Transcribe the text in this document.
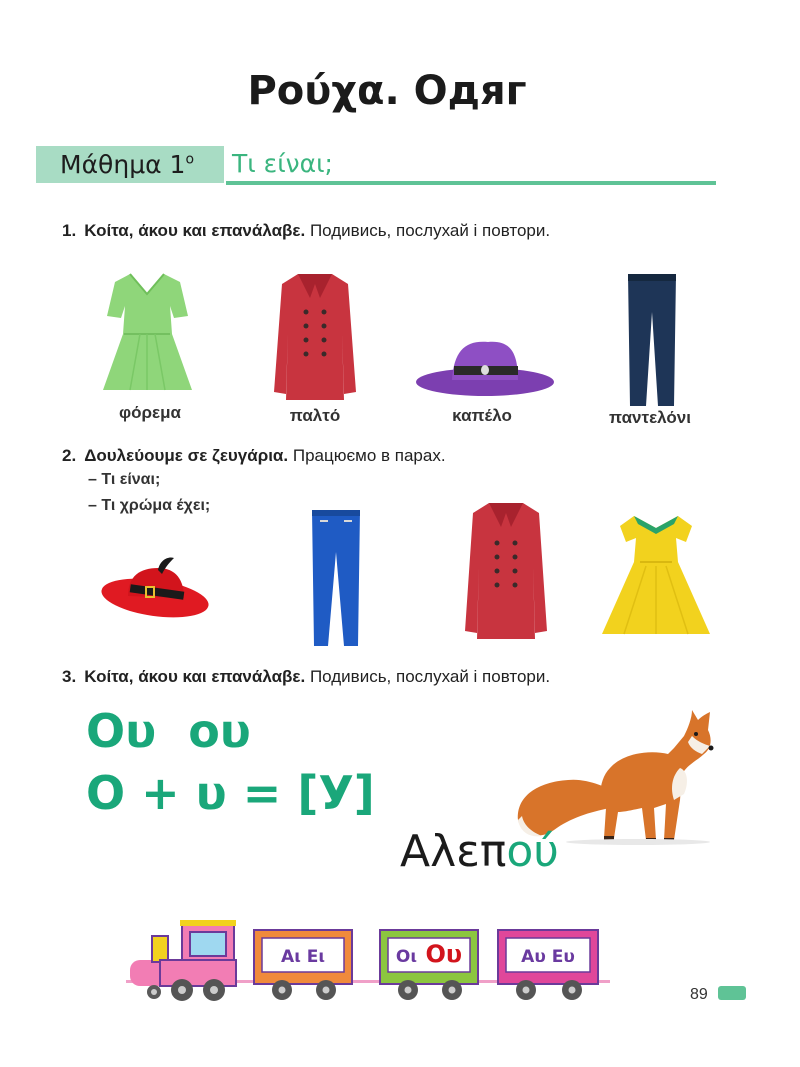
Ρούχα. Одяг
Μάθημα $1^o$ Τι είναι;
1. Κοίτα, άκου και επανάλαβε. Подивись, послухай і повтори.
φόρεμα	παλτό	καπέλο	παντελόνι
2. Δουλεύουμε σε ζευγάρια. Працюємо в парах.
– Τι είναι;
– Τι χρώμα έχει;
3. Κοίτα, άκου και επανάλαβε. Подивись, послухай і повтори.
Ου  ου
Ο + υ = [У]
Αλεπού
Αι Ει	Οι Ου	Αυ Ευ
89
